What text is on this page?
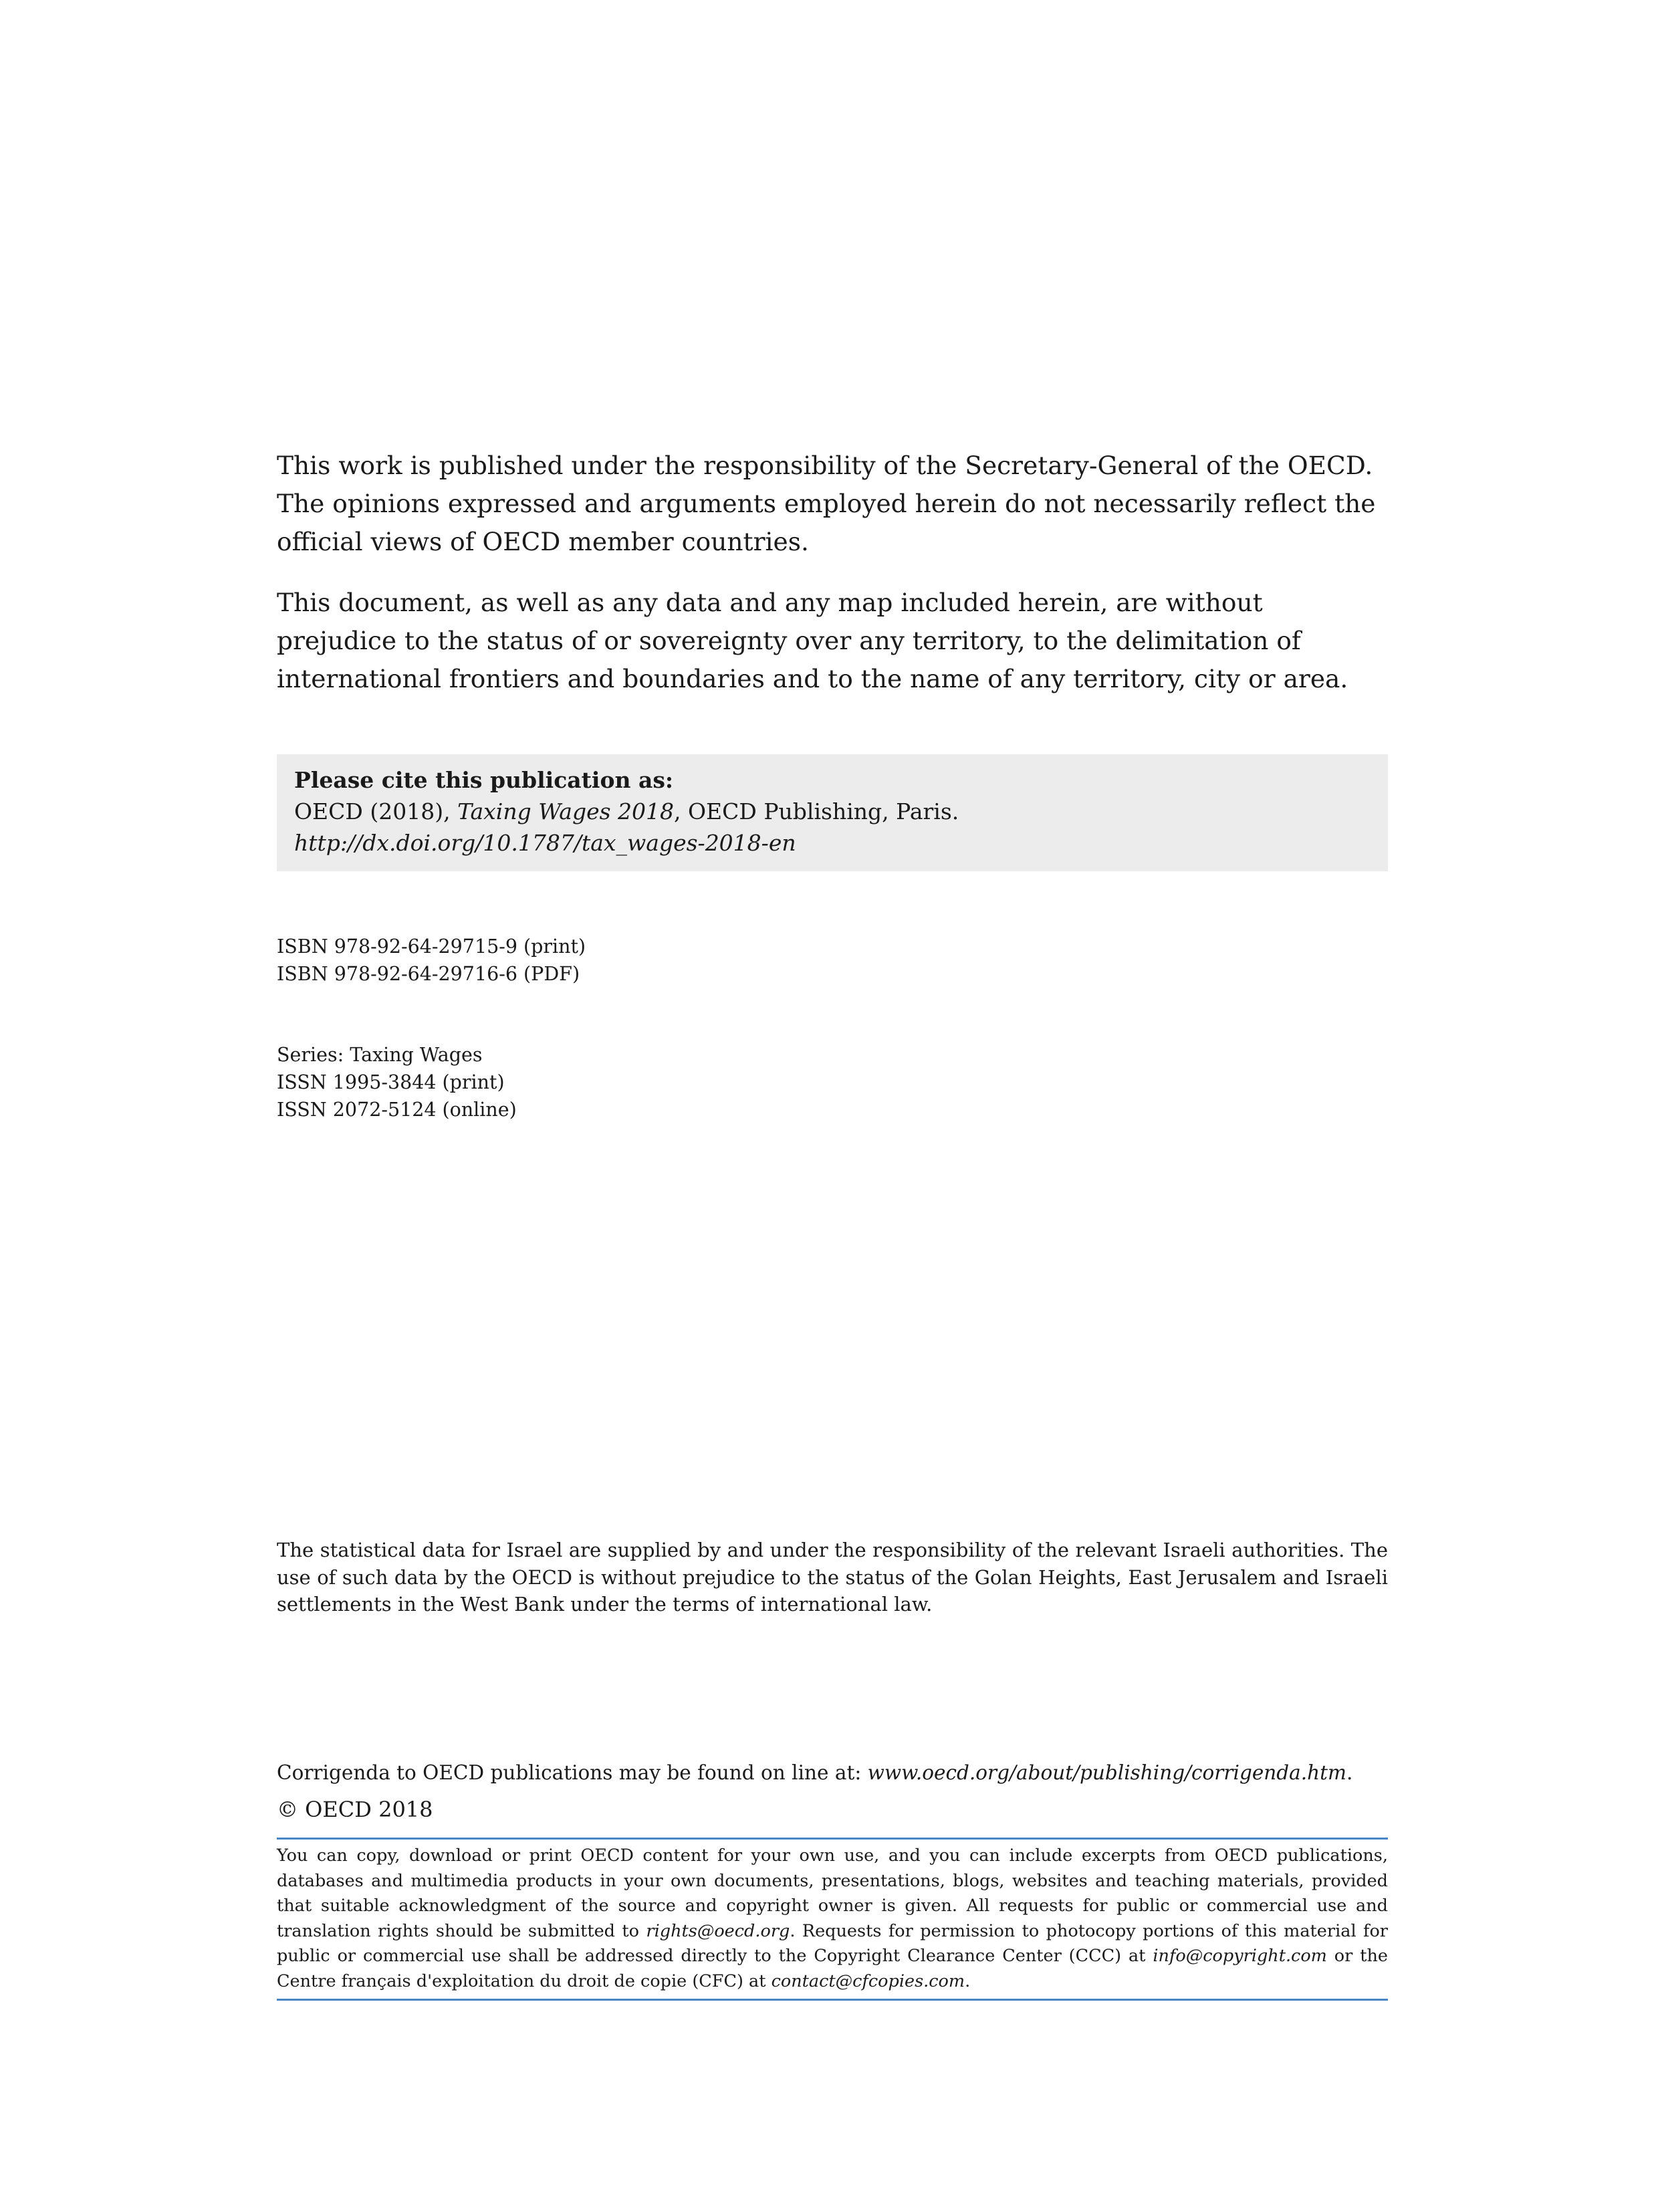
This work is published under the responsibility of the Secretary-General of the OECD. The opinions expressed and arguments employed herein do not necessarily reflect the official views of OECD member countries.

This document, as well as any data and any map included herein, are without prejudice to the status of or sovereignty over any territory, to the delimitation of international frontiers and boundaries and to the name of any territory, city or area.

Please cite this publication as:
OECD (2018), Taxing Wages 2018, OECD Publishing, Paris.
http://dx.doi.org/10.1787/tax_wages-2018-en
ISBN 978-92-64-29715-9 (print)
ISBN 978-92-64-29716-6 (PDF)
Series: Taxing Wages
ISSN 1995-3844 (print)
ISSN 2072-5124 (online)
The statistical data for Israel are supplied by and under the responsibility of the relevant Israeli authorities. The use of such data by the OECD is without prejudice to the status of the Golan Heights, East Jerusalem and Israeli settlements in the West Bank under the terms of international law.
Corrigenda to OECD publications may be found on line at: www.oecd.org/about/publishing/corrigenda.htm.
© OECD 2018
You can copy, download or print OECD content for your own use, and you can include excerpts from OECD publications, databases and multimedia products in your own documents, presentations, blogs, websites and teaching materials, provided that suitable acknowledgment of the source and copyright owner is given. All requests for public or commercial use and translation rights should be submitted to rights@oecd.org. Requests for permission to photocopy portions of this material for public or commercial use shall be addressed directly to the Copyright Clearance Center (CCC) at info@copyright.com or the Centre français d'exploitation du droit de copie (CFC) at contact@cfcopies.com.
